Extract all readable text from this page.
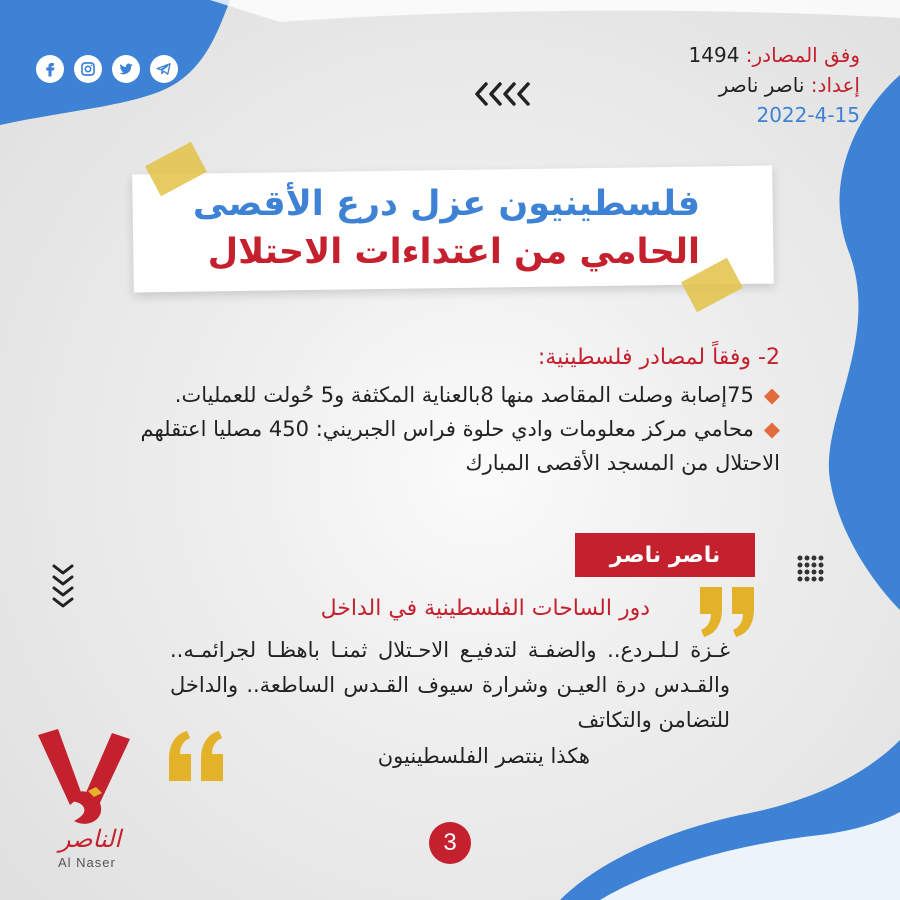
وفق المصادر: 1494
إعداد: ناصر ناصر
2022-4-15
فلسطينيون عزل درع الأقصى
الحامي من اعتداءات الاحتلال
2- وفقاً لمصادر فلسطينية:
◆75إصابة وصلت المقاصد منها 8بالعناية المكثفة و5 حُولت للعمليات.
◆محامي مركز معلومات وادي حلوة فراس الجبريني: 450 مصليا اعتقلهم الاحتلال من المسجد الأقصى المبارك
ناصر ناصر
دور الساحات الفلسطينية في الداخل
غـزة لـلـردع.. والضفـة لتدفيـع الاحـتلال ثمنـا باهظـا لجرائمـه.. والقـدس درة العيـن وشرارة سيوف القـدس الساطعة.. والداخل للتضامن والتكاتف
هكذا ينتصر الفلسطينيون
الناصر
Al Naser
3
